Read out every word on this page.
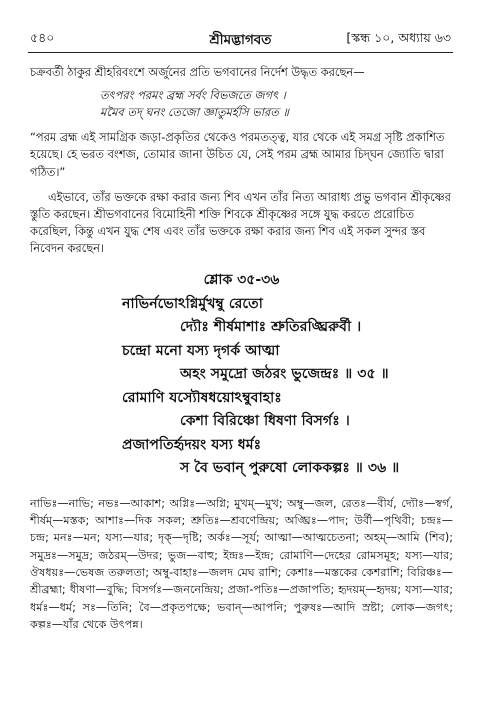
৫৪০	শ্রীমদ্ভাগবত	[স্কন্ধ ১০, অধ্যায় ৬৩

চক্রবর্তী ঠাকুর শ্রীহরিবংশে অর্জুনের প্রতি ভগবানের নির্দেশ উদ্ধৃত করছেন—

তৎপরং পরমং ব্রহ্ম সর্বং বিভজতে জগৎ ।
মমৈব তদ্ ঘনং তেজো জ্ঞাতুমর্হসি ভারত ॥

“পরম ব্রহ্ম এই সামগ্রিক জড়া-প্রকৃতির থেকেও পরমতত্ত্ব, যার থেকে এই সমগ্র সৃষ্টি প্রকাশিত হয়েছে। হে ভরত বংশজ, তোমার জানা উচিত যে, সেই পরম ব্রহ্ম আমার চিদ্‌ঘন জ্যোতি দ্বারা গঠিত।”

এইভাবে, তাঁর ভক্তকে রক্ষা করার জন্য শিব এখন তাঁর নিত্য আরাধ্য প্রভু ভগবান শ্রীকৃষ্ণের স্তুতি করছেন। শ্রীভগবানের বিমোহিনী শক্তি শিবকে শ্রীকৃষ্ণের সঙ্গে যুদ্ধ করতে প্ররোচিত করেছিল, কিন্তু এখন যুদ্ধ শেষ এবং তাঁর ভক্তকে রক্ষা করার জন্য শিব এই সকল সুন্দর স্তব নিবেদন করছেন।

শ্লোক ৩৫-৩৬

নাভির্নভোঽগ্নির্মুখম্বু রেতো
দ্যৌঃ শীর্ষমাশাঃ শ্রুতিরঙ্ঘ্রিরুর্বী ।
চন্দ্রো মনো যস্য দৃগর্ক আত্মা
অহং সমুদ্রো জঠরং ভুজেন্দ্রঃ ॥ ৩৫ ॥
রোমাণি যস্যৌষধয়োঽম্বুবাহাঃ
কেশা বিরিঞ্চো ধিষণা বিসর্গঃ ।
প্রজাপতির্হৃদয়ং যস্য ধর্মঃ
স বৈ ভবান্ পুরুষো লোককল্পঃ ॥ ৩৬ ॥

নাভিঃ—নাভি; নভঃ—আকাশ; অগ্নিঃ—অগ্নি; মুখম্—মুখ; অম্বু—জল, রেতঃ—বীর্য, দ্যৌঃ—স্বর্গ, শীর্ষম্—মস্তক; আশাঃ—দিক সকল; শ্রুতিঃ—শ্রবণেন্দ্রিয়; অঙ্ঘ্রিঃ—পাদ; উর্বী—পৃথিবী; চন্দ্রঃ—চন্দ্র; মনঃ—মন; যস্য—যার; দৃক্—দৃষ্টি; অর্কঃ—সূর্য; আত্মা—আত্মচেতনা; অহম্—আমি (শিব); সমুদ্রঃ—সমুদ্র; জঠরম্—উদর; ভুজ—বাহু; ইন্দ্রঃ—ইন্দ্র; রোমাণি—দেহের রোমসমূহ; যস্য—যার; ঔষধয়ঃ—ভেষজ তরুলতা; অম্বু-বাহাঃ—জলদ মেঘ রাশি; কেশাঃ—মস্তকের কেশরাশি; বিরিঞ্চঃ—শ্রীব্রহ্মা; ধীষণা—বুদ্ধি; বিসর্গঃ—জননেন্দ্রিয়; প্রজা-পতিঃ—প্রজাপতি; হৃদয়ম্—হৃদয়; যস্য—যার; ধর্মঃ—ধর্ম; সঃ—তিনি; বৈ—প্রকৃতপক্ষে; ভবান্—আপনি; পুরুষঃ—আদি স্রষ্টা; লোক—জগৎ; কল্পঃ—যাঁর থেকে উৎপন্ন।
